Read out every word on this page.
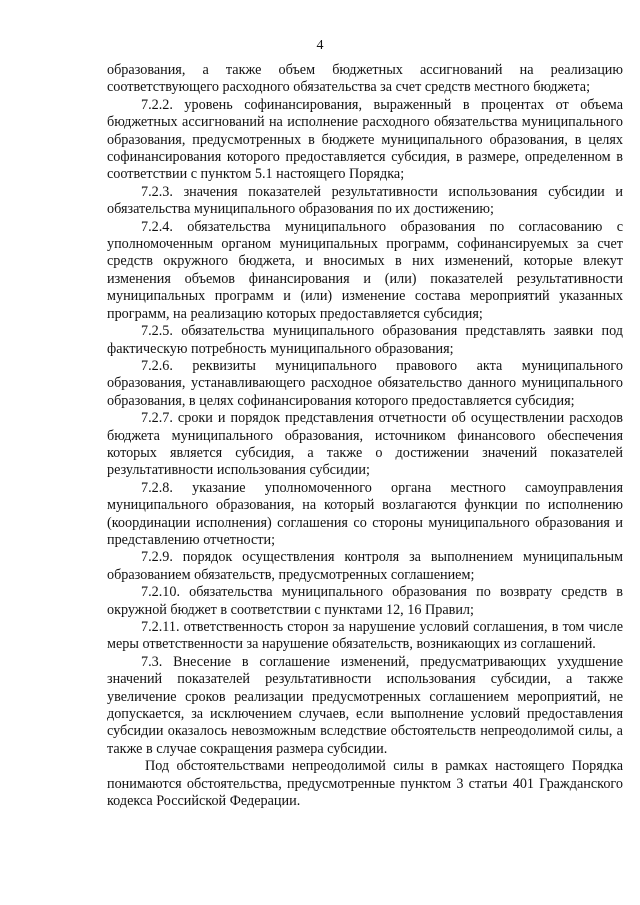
4

образования, а также объем бюджетных ассигнований на реализацию соответствующего расходного обязательства за счет средств местного бюджета;

7.2.2. уровень софинансирования, выраженный в процентах от объема бюджетных ассигнований на исполнение расходного обязательства муниципального образования, предусмотренных в бюджете муниципального образования, в целях софинансирования которого предоставляется субсидия, в размере, определенном в соответствии с пунктом 5.1 настоящего Порядка;

7.2.3. значения показателей результативности использования субсидии и обязательства муниципального образования по их достижению;

7.2.4. обязательства муниципального образования по согласованию с уполномоченным органом муниципальных программ, софинансируемых за счет средств окружного бюджета, и вносимых в них изменений, которые влекут изменения объемов финансирования и (или) показателей результативности муниципальных программ и (или) изменение состава мероприятий указанных программ, на реализацию которых предоставляется субсидия;

7.2.5. обязательства муниципального образования представлять заявки под фактическую потребность муниципального образования;

7.2.6. реквизиты муниципального правового акта муниципального образования, устанавливающего расходное обязательство данного муниципального образования, в целях софинансирования которого предоставляется субсидия;

7.2.7. сроки и порядок представления отчетности об осуществлении расходов бюджета муниципального образования, источником финансового обеспечения которых является субсидия, а также о достижении значений показателей результативности использования субсидии;

7.2.8. указание уполномоченного органа местного самоуправления муниципального образования, на который возлагаются функции по исполнению (координации исполнения) соглашения со стороны муниципального образования и представлению отчетности;

7.2.9. порядок осуществления контроля за выполнением муниципальным образованием обязательств, предусмотренных соглашением;

7.2.10. обязательства муниципального образования по возврату средств в окружной бюджет в соответствии с пунктами 12, 16 Правил;

7.2.11. ответственность сторон за нарушение условий соглашения, в том числе меры ответственности за нарушение обязательств, возникающих из соглашений.

7.3. Внесение в соглашение изменений, предусматривающих ухудшение значений показателей результативности использования субсидии, а также увеличение сроков реализации предусмотренных соглашением мероприятий, не допускается, за исключением случаев, если выполнение условий предоставления субсидии оказалось невозможным вследствие обстоятельств непреодолимой силы, а также в случае сокращения размера субсидии.

Под обстоятельствами непреодолимой силы в рамках настоящего Порядка понимаются обстоятельства, предусмотренные пунктом 3 статьи 401 Гражданского кодекса Российской Федерации.
